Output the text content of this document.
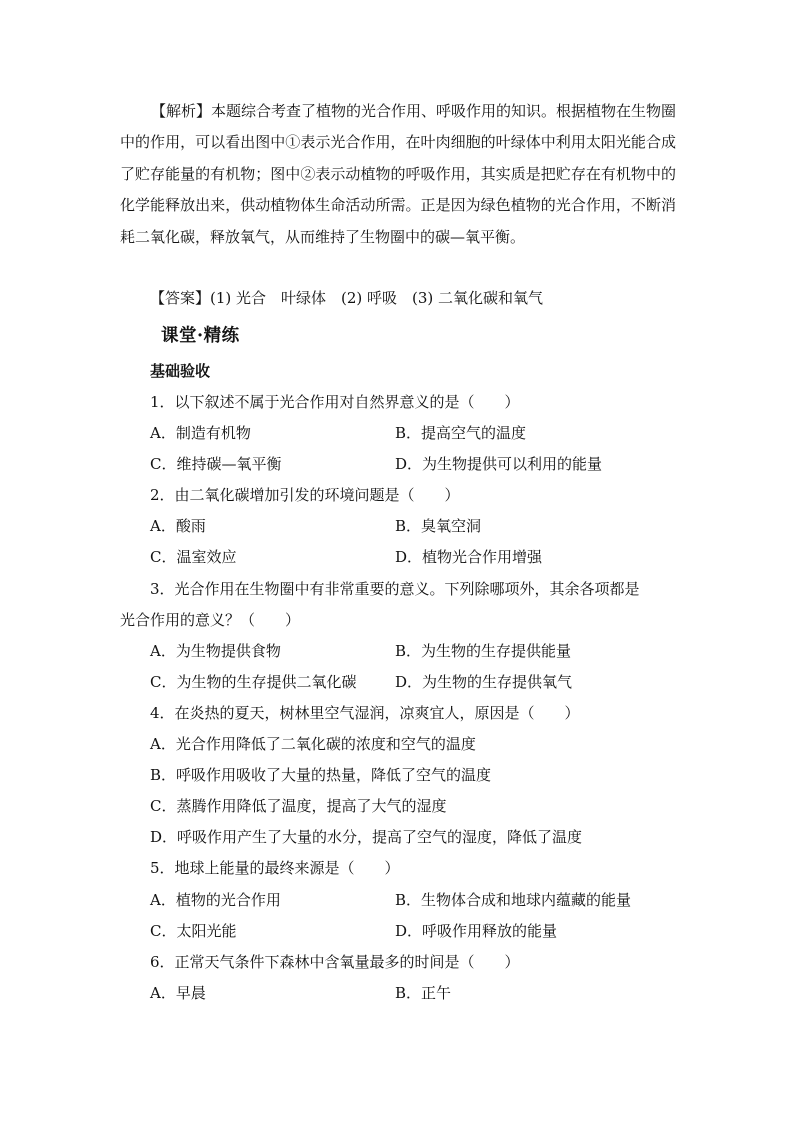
【解析】本题综合考查了植物的光合作用、呼吸作用的知识。根据植物在生物圈中的作用，可以看出图中①表示光合作用，在叶肉细胞的叶绿体中利用太阳光能合成了贮存能量的有机物；图中②表示动植物的呼吸作用，其实质是把贮存在有机物中的化学能释放出来，供动植物体生命活动所需。正是因为绿色植物的光合作用，不断消耗二氧化碳，释放氧气，从而维持了生物圈中的碳—氧平衡。
【答案】(1) 光合　叶绿体　(2) 呼吸　(3) 二氧化碳和氧气
课堂·精练
基础验收
1．以下叙述不属于光合作用对自然界意义的是（　　）
A．制造有机物	B．提高空气的温度
C．维持碳—氧平衡	D．为生物提供可以利用的能量
2．由二氧化碳增加引发的环境问题是（　　）
A．酸雨	B．臭氧空洞
C．温室效应	D．植物光合作用增强
3．光合作用在生物圈中有非常重要的意义。下列除哪项外，其余各项都是
光合作用的意义？（　　）
A．为生物提供食物	B．为生物的生存提供能量
C．为生物的生存提供二氧化碳	D．为生物的生存提供氧气
4．在炎热的夏天，树林里空气湿润，凉爽宜人，原因是（　　）
A．光合作用降低了二氧化碳的浓度和空气的温度
B．呼吸作用吸收了大量的热量，降低了空气的温度
C．蒸腾作用降低了温度，提高了大气的湿度
D．呼吸作用产生了大量的水分，提高了空气的湿度，降低了温度
5．地球上能量的最终来源是（　　）
A．植物的光合作用	B．生物体合成和地球内蕴藏的能量
C．太阳光能	D．呼吸作用释放的能量
6．正常天气条件下森林中含氧量最多的时间是（　　）
A．早晨	B．正午
